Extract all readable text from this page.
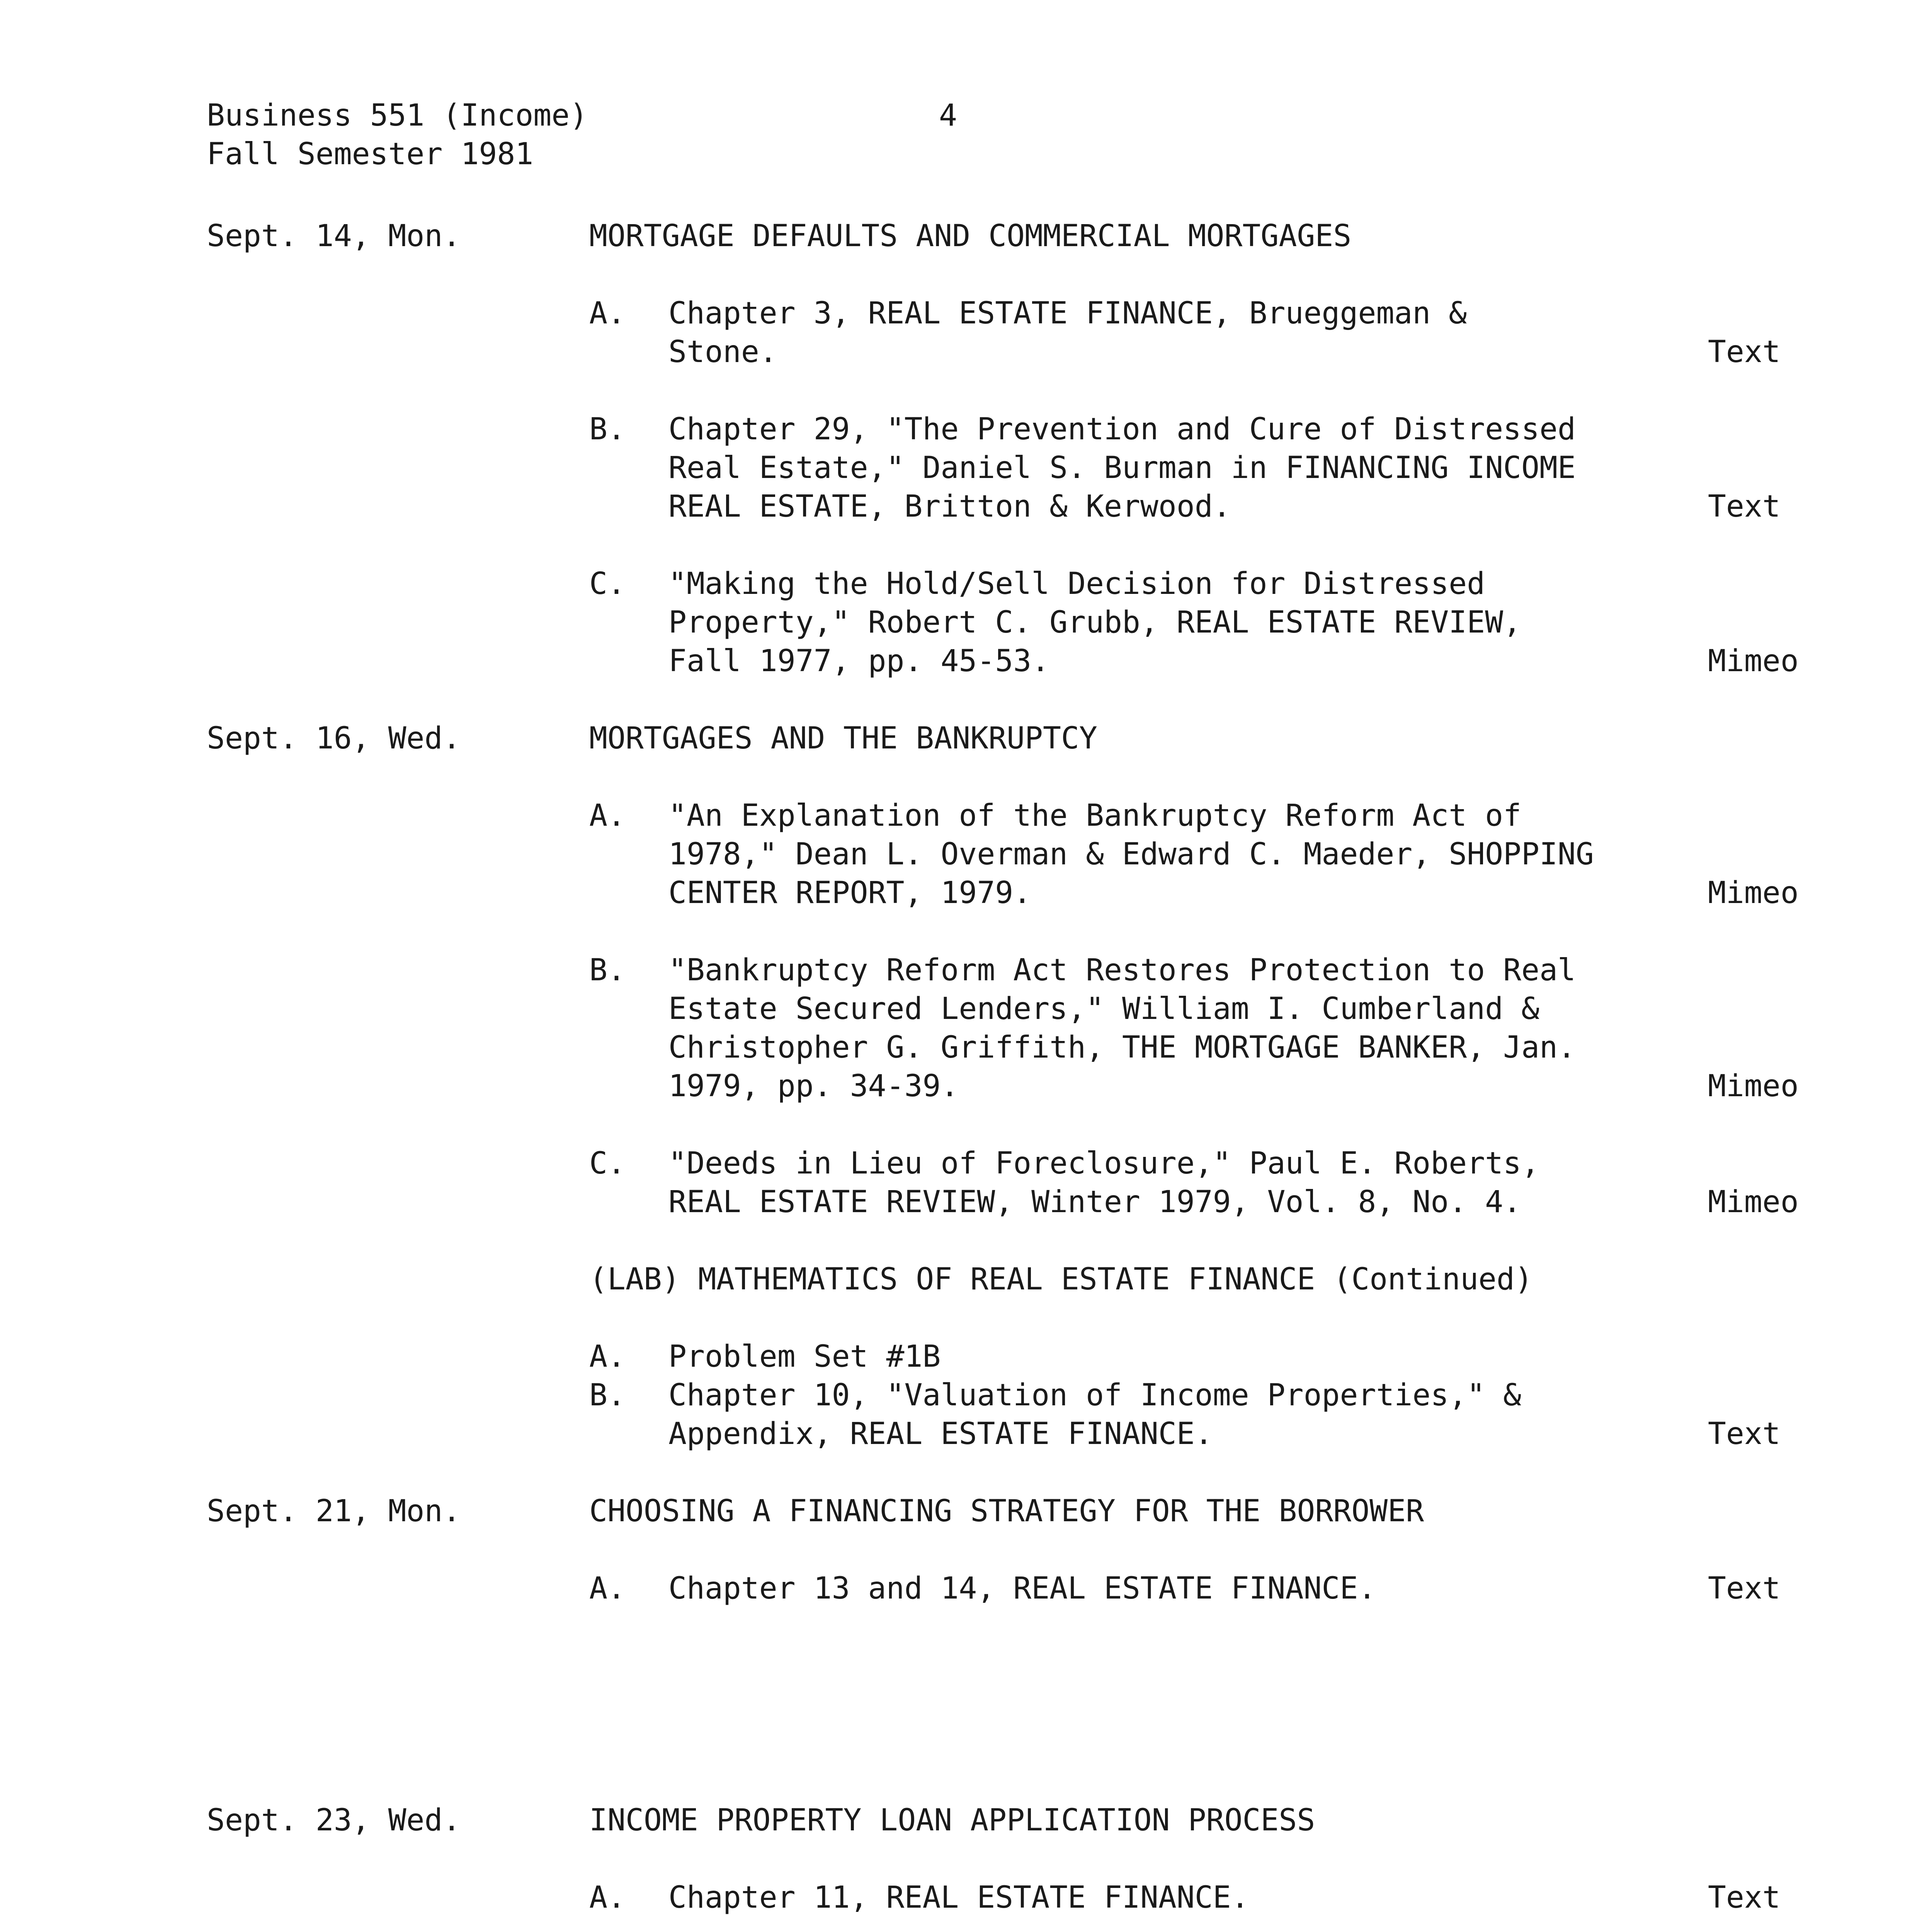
Business 551 (Income)
Fall Semester 1981
4
Sept. 14, Mon.	MORTGAGE DEFAULTS AND COMMERCIAL MORTGAGES
A. Chapter 3, REAL ESTATE FINANCE, Brueggeman &
Stone.	Text
B. Chapter 29, "The Prevention and Cure of Distressed
Real Estate," Daniel S. Burman in FINANCING INCOME
REAL ESTATE, Britton & Kerwood.	Text
C. "Making the Hold/Sell Decision for Distressed
Property," Robert C. Grubb, REAL ESTATE REVIEW,
Fall 1977, pp. 45-53.	Mimeo
Sept. 16, Wed.	MORTGAGES AND THE BANKRUPTCY
A. "An Explanation of the Bankruptcy Reform Act of
1978," Dean L. Overman & Edward C. Maeder, SHOPPING
CENTER REPORT, 1979.	Mimeo
B. "Bankruptcy Reform Act Restores Protection to Real
Estate Secured Lenders," William I. Cumberland &
Christopher G. Griffith, THE MORTGAGE BANKER, Jan.
1979, pp. 34-39.	Mimeo
C. "Deeds in Lieu of Foreclosure," Paul E. Roberts,
REAL ESTATE REVIEW, Winter 1979, Vol. 8, No. 4.	Mimeo
(LAB) MATHEMATICS OF REAL ESTATE FINANCE (Continued)
A. Problem Set #1B
B. Chapter 10, "Valuation of Income Properties," &
Appendix, REAL ESTATE FINANCE.	Text
Sept. 21, Mon.	CHOOSING A FINANCING STRATEGY FOR THE BORROWER
A. Chapter 13 and 14, REAL ESTATE FINANCE.	Text
Sept. 23, Wed.	INCOME PROPERTY LOAN APPLICATION PROCESS
A. Chapter 11, REAL ESTATE FINANCE.	Text
